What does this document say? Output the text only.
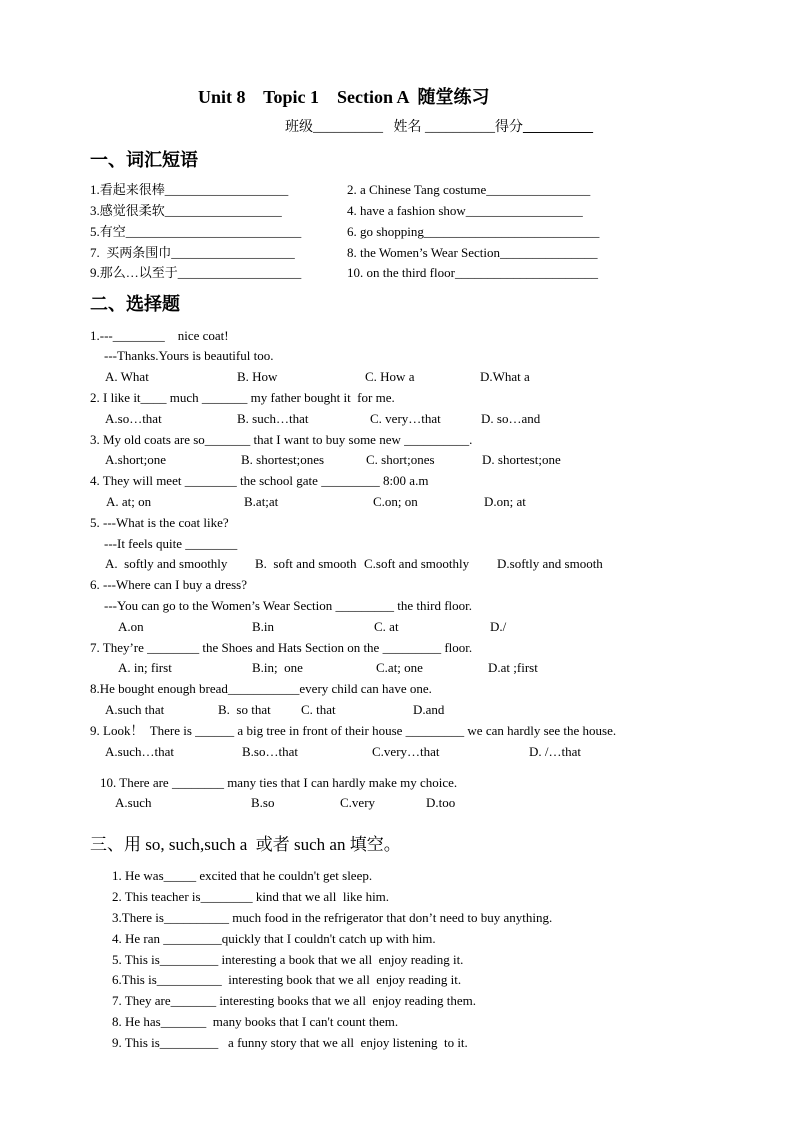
Unit 8    Topic 1    Section A  随堂练习
班级__________   姓名 __________得分__________
一、词汇短语
1.看起来很棒___________________	2. a Chinese Tang costume________________
3.感觉很柔软__________________	4. have a fashion show__________________
5.有空___________________________	6. go shopping___________________________
7.  买两条围巾___________________	8. the Women’s Wear Section_______________
9.那么…以至于___________________	10. on the third floor______________________
二、选择题
1.---________    nice coat!
---Thanks.Yours is beautiful too.
A. What	B. How	C. How a	D.What a
2. I like it____ much _______ my father bought it  for me.
A.so…that	B. such…that	C. very…that	D. so…and
3. My old coats are so_______ that I want to buy some new __________.
A.short;one	B. shortest;ones	C. short;ones	D. shortest;one
4. They will meet ________ the school gate _________ 8:00 a.m
A. at; on	B.at;at	C.on; on	D.on; at
5. ---What is the coat like?
---It feels quite ________
A.  softly and smoothly B.  soft and smooth C.soft and smoothly D.softly and smooth
6. ---Where can I buy a dress?
---You can go to the Women’s Wear Section _________ the third floor.
A.on	B.in	C. at	D./
7. They’re ________ the Shoes and Hats Section on the _________ floor.
A. in; first	B.in;  one	C.at; one	D.at ;first
8.He bought enough bread___________every child can have one.
A.such that	B.  so that C. that	D.and
9. Look！  There is ______ a big tree in front of their house _________ we can hardly see the house.
A.such…that	B.so…that	C.very…that	D. /…that
10. There are ________ many ties that I can hardly make my choice.
A.such	B.so	C.very	D.too
三、用 so, such,such a  或者 such an 填空。
1. He was_____ excited that he couldn't get sleep.
2. This teacher is________ kind that we all  like him.
3.There is__________ much food in the refrigerator that don’t need to buy anything.
4. He ran _________quickly that I couldn't catch up with him.
5. This is_________ interesting a book that we all  enjoy reading it.
6.This is__________  interesting book that we all  enjoy reading it.
7. They are_______ interesting books that we all  enjoy reading them.
8. He has_______  many books that I can't count them.
9. This is_________   a funny story that we all  enjoy listening  to it.
